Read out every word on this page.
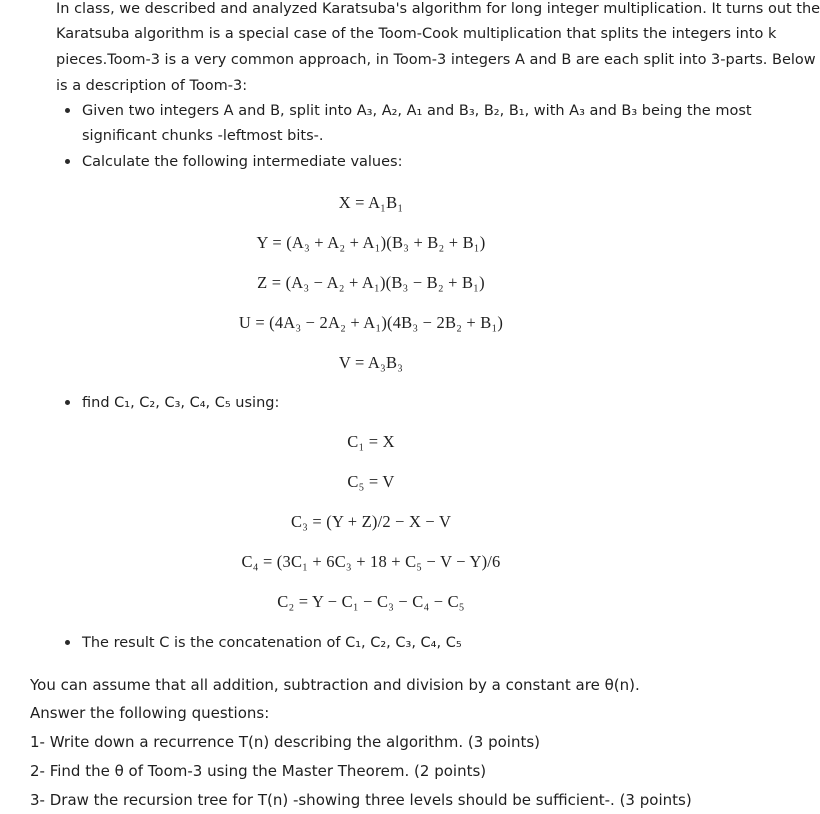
In class, we described and analyzed Karatsuba's algorithm for long integer multiplication. It turns out the
Karatsuba algorithm is a special case of the Toom-Cook multiplication that splits the integers into k
pieces.Toom-3 is a very common approach, in Toom-3 integers A and B are each split into 3-parts. Below
is a description of Toom-3:
Given two integers A and B, split into A₃, A₂, A₁ and B₃, B₂, B₁, with A₃ and B₃ being the most
significant chunks -leftmost bits-.
Calculate the following intermediate values:
X = A₁B₁
Y = (A₃ + A₂ + A₁)(B₃ + B₂ + B₁)
Z = (A₃ − A₂ + A₁)(B₃ − B₂ + B₁)
U = (4A₃ − 2A₂ + A₁)(4B₃ − 2B₂ + B₁)
V = A₃B₃
find C₁, C₂, C₃, C₄, C₅ using:
C₁ = X
C₅ = V
C₃ = (Y + Z)/2 − X − V
C₄ = (3C₁ + 6C₃ + 18 + C₅ − V − Y)/6
C₂ = Y − C₁ − C₃ − C₄ − C₅
The result C is the concatenation of C₁, C₂, C₃, C₄, C₅
You can assume that all addition, subtraction and division by a constant are θ(n).
Answer the following questions:
1- Write down a recurrence T(n) describing the algorithm. (3 points)
2- Find the θ of Toom-3 using the Master Theorem. (2 points)
3- Draw the recursion tree for T(n) -showing three levels should be sufficient-. (3 points)
